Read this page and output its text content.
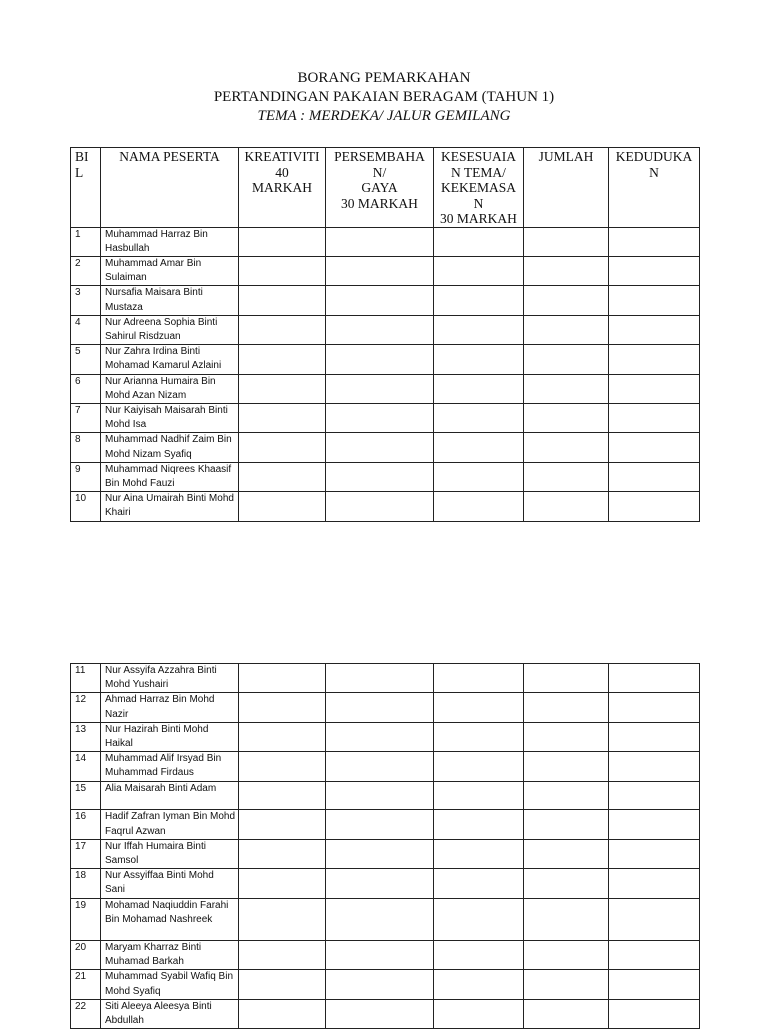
BORANG PEMARKAHAN
PERTANDINGAN PAKAIAN BERAGAM (TAHUN 1)
TEMA : MERDEKA/ JALUR GEMILANG
BI
L	NAMA PESERTA	KREATIVITI
40
MARKAH	PERSEMBAHA
N/
GAYA
30 MARKAH	KESESUAIA
N TEMA/
KEKEMASA
N
30 MARKAH	JUMLAH	KEDUDUKA
N
1	Muhammad Harraz Bin Hasbullah					
2	Muhammad Amar Bin Sulaiman					
3	Nursafia Maisara Binti Mustaza					
4	Nur Adreena Sophia Binti Sahirul Risdzuan					
5	Nur Zahra Irdina Binti Mohamad Kamarul Azlaini					
6	Nur Arianna Humaira Bin Mohd Azan Nizam					
7	Nur Kaiyisah Maisarah Binti Mohd Isa					
8	Muhammad Nadhif Zaim Bin Mohd Nizam Syafiq					
9	Muhammad Niqrees Khaasif Bin Mohd Fauzi					
10	Nur Aina Umairah Binti Mohd Khairi					
11	Nur Assyifa Azzahra Binti Mohd Yushairi					
12	Ahmad Harraz Bin Mohd Nazir					
13	Nur Hazirah Binti Mohd Haikal					
14	Muhammad Alif Irsyad Bin Muhammad Firdaus					
15	Alia Maisarah Binti Adam					
16	Hadif Zafran Iyman Bin Mohd Faqrul Azwan					
17	Nur Iffah Humaira Binti Samsol					
18	Nur Assyiffaa Binti Mohd Sani					
19	Mohamad Naqiuddin Farahi Bin Mohamad Nashreek					
20	Maryam Kharraz Binti Muhamad Barkah					
21	Muhammad Syabil Wafiq Bin Mohd Syafiq					
22	Siti Aleeya Aleesya Binti Abdullah					
